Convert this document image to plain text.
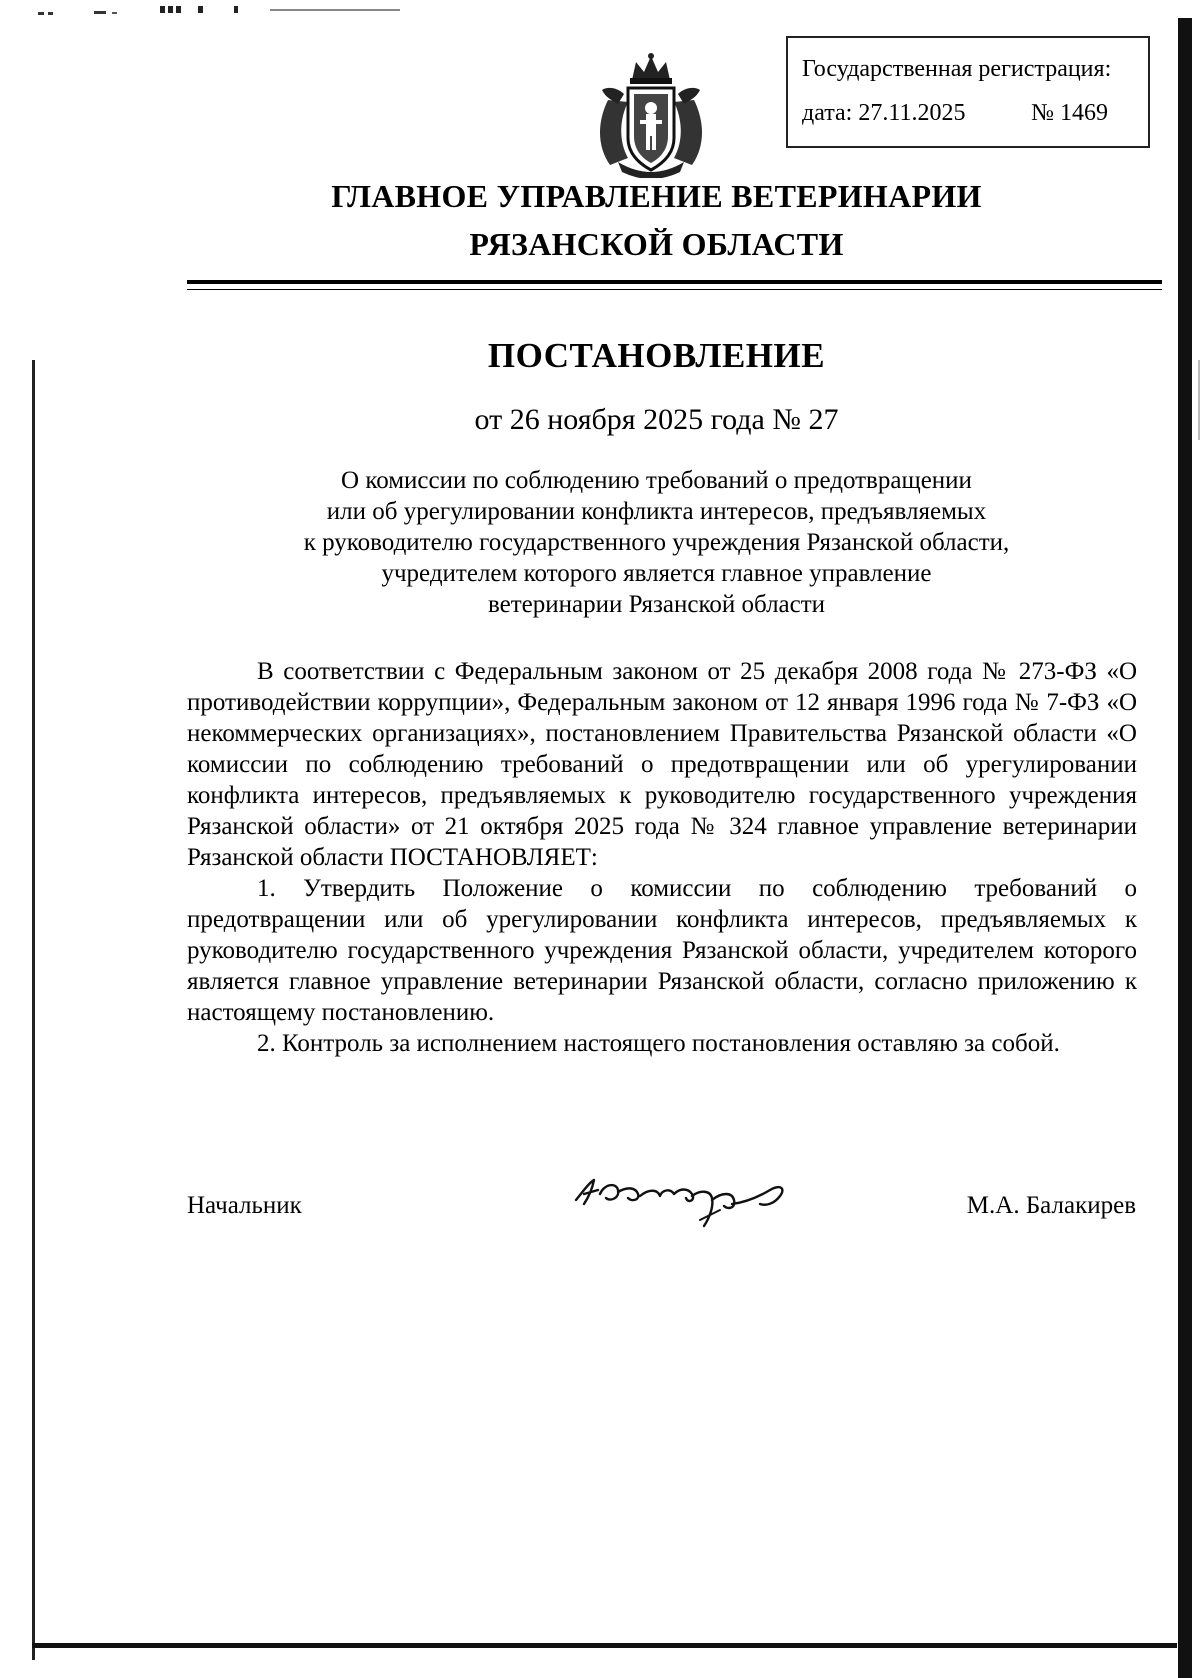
Государственная регистрация:
дата: 27.11.2025	№ 1469
ГЛАВНОЕ УПРАВЛЕНИЕ ВЕТЕРИНАРИИ
РЯЗАНСКОЙ ОБЛАСТИ
ПОСТАНОВЛЕНИЕ
от 26 ноября 2025 года № 27
О комиссии по соблюдению требований о предотвращении
или об урегулировании конфликта интересов, предъявляемых
к руководителю государственного учреждения Рязанской области,
учредителем которого является главное управление
ветеринарии Рязанской области

В соответствии с Федеральным законом от 25 декабря 2008 года № 273-ФЗ «О противодействии коррупции», Федеральным законом от 12 января 1996 года № 7-ФЗ «О некоммерческих организациях», постановлением Правительства Рязанской области «О комиссии по соблюдению требований о предотвращении или об урегулировании конфликта интересов, предъявляемых к руководителю государственного учреждения Рязанской области» от 21 октября 2025 года № 324 главное управление ветеринарии Рязанской области ПОСТАНОВЛЯЕТ:

1. Утвердить Положение о комиссии по соблюдению требований о предотвращении или об урегулировании конфликта интересов, предъявляемых к руководителю государственного учреждения Рязанской области, учредителем которого является главное управление ветеринарии Рязанской области, согласно приложению к настоящему постановлению.

2. Контроль за исполнением настоящего постановления оставляю за собой.

Начальник	М.А. Балакирев
